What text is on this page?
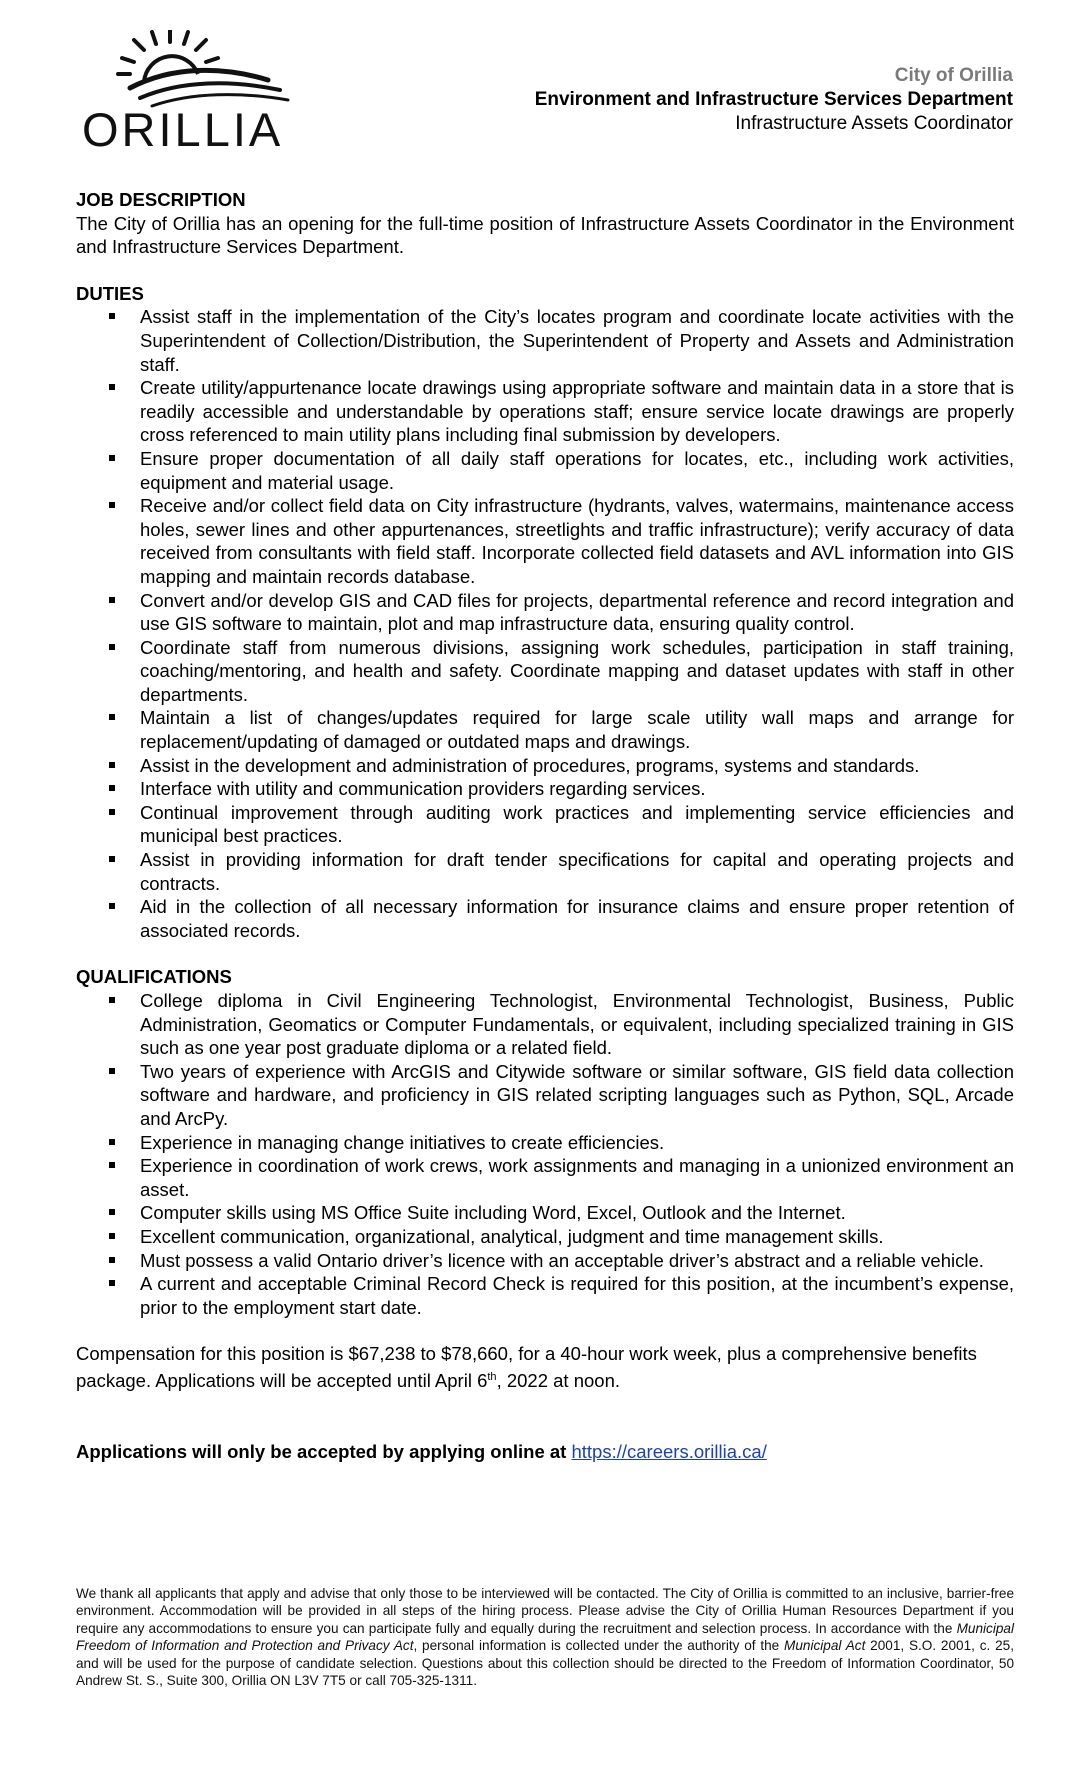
ORILLIA
City of Orillia
Environment and Infrastructure Services Department
Infrastructure Assets Coordinator

JOB DESCRIPTION

The City of Orillia has an opening for the full-time position of Infrastructure Assets Coordinator in the Environment and Infrastructure Services Department.

DUTIES

Assist staff in the implementation of the City’s locates program and coordinate locate activities with the Superintendent of Collection/Distribution, the Superintendent of Property and Assets and Administration staff.
Create utility/appurtenance locate drawings using appropriate software and maintain data in a store that is readily accessible and understandable by operations staff; ensure service locate drawings are properly cross referenced to main utility plans including final submission by developers.
Ensure proper documentation of all daily staff operations for locates, etc., including work activities, equipment and material usage.
Receive and/or collect field data on City infrastructure (hydrants, valves, watermains, maintenance access holes, sewer lines and other appurtenances, streetlights and traffic infrastructure); verify accuracy of data received from consultants with field staff. Incorporate collected field datasets and AVL information into GIS mapping and maintain records database.
Convert and/or develop GIS and CAD files for projects, departmental reference and record integration and use GIS software to maintain, plot and map infrastructure data, ensuring quality control.
Coordinate staff from numerous divisions, assigning work schedules, participation in staff training, coaching/mentoring, and health and safety. Coordinate mapping and dataset updates with staff in other departments.
Maintain a list of changes/updates required for large scale utility wall maps and arrange for replacement/updating of damaged or outdated maps and drawings.
Assist in the development and administration of procedures, programs, systems and standards.
Interface with utility and communication providers regarding services.
Continual improvement through auditing work practices and implementing service efficiencies and municipal best practices.
Assist in providing information for draft tender specifications for capital and operating projects and contracts.
Aid in the collection of all necessary information for insurance claims and ensure proper retention of associated records.

QUALIFICATIONS

College diploma in Civil Engineering Technologist, Environmental Technologist, Business, Public Administration, Geomatics or Computer Fundamentals, or equivalent, including specialized training in GIS such as one year post graduate diploma or a related field.
Two years of experience with ArcGIS and Citywide software or similar software, GIS field data collection software and hardware, and proficiency in GIS related scripting languages such as Python, SQL, Arcade and ArcPy.
Experience in managing change initiatives to create efficiencies.
Experience in coordination of work crews, work assignments and managing in a unionized environment an asset.
Computer skills using MS Office Suite including Word, Excel, Outlook and the Internet.
Excellent communication, organizational, analytical, judgment and time management skills.
Must possess a valid Ontario driver’s licence with an acceptable driver’s abstract and a reliable vehicle.
A current and acceptable Criminal Record Check is required for this position, at the incumbent’s expense, prior to the employment start date.

Compensation for this position is $67,238 to $78,660, for a 40-hour work week, plus a comprehensive benefits package. Applications will be accepted until April 6th, 2022 at noon.

Applications will only be accepted by applying online at https://careers.orillia.ca/

We thank all applicants that apply and advise that only those to be interviewed will be contacted. The City of Orillia is committed to an inclusive, barrier-free environment. Accommodation will be provided in all steps of the hiring process. Please advise the City of Orillia Human Resources Department if you require any accommodations to ensure you can participate fully and equally during the recruitment and selection process. In accordance with the Municipal Freedom of Information and Protection and Privacy Act, personal information is collected under the authority of the Municipal Act 2001, S.O. 2001, c. 25, and will be used for the purpose of candidate selection. Questions about this collection should be directed to the Freedom of Information Coordinator, 50 Andrew St. S., Suite 300, Orillia ON L3V 7T5 or call 705-325-1311.
